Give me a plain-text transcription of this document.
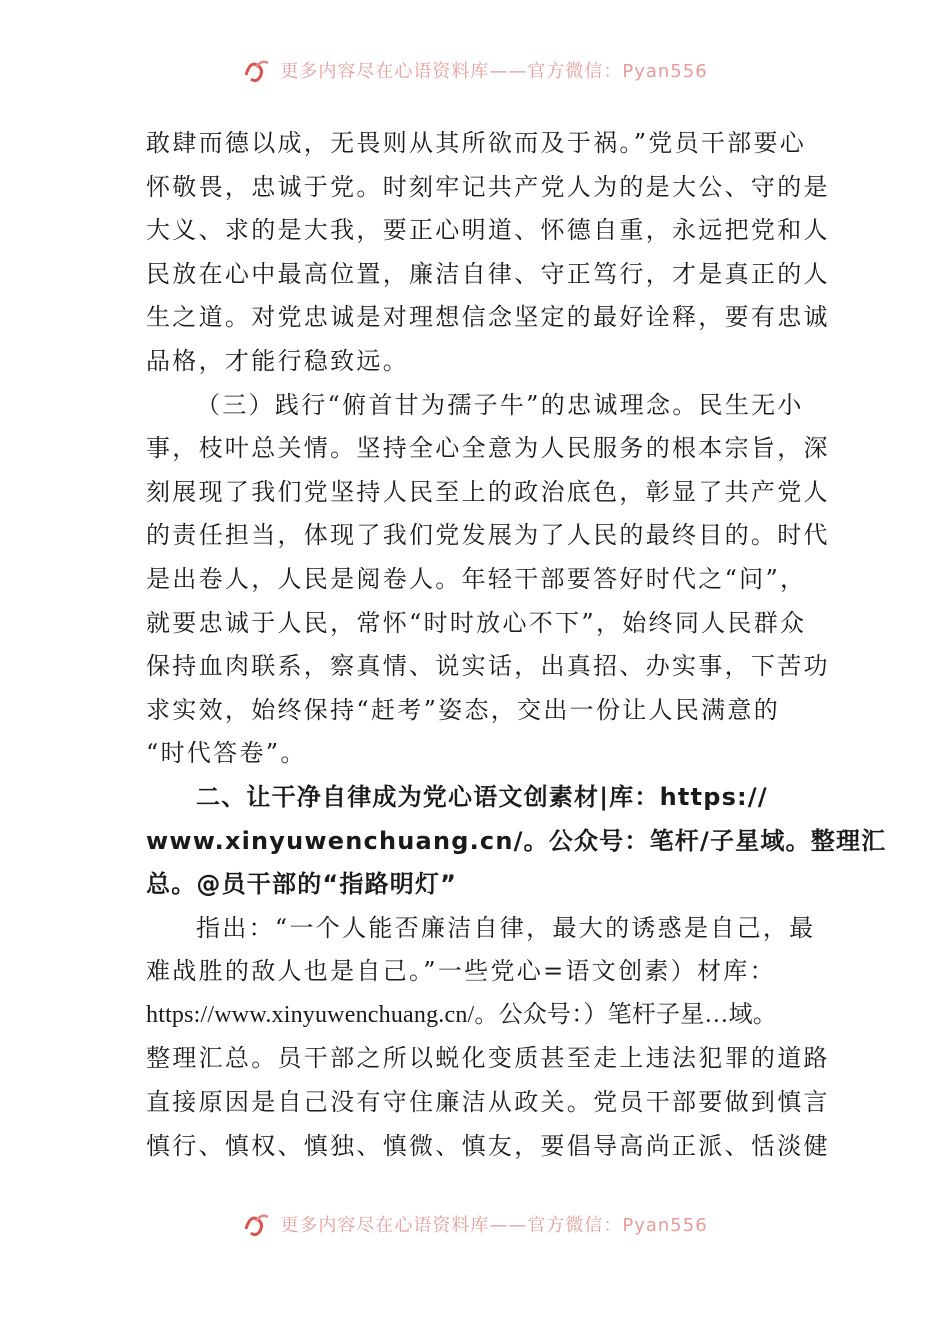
更多内容尽在心语资料库——官方微信：Pyan556
敢肆而德以成，无畏则从其所欲而及于祸。”党员干部要心
怀敬畏，忠诚于党。时刻牢记共产党人为的是大公、守的是
大义、求的是大我，要正心明道、怀德自重，永远把党和人
民放在心中最高位置，廉洁自律、守正笃行，才是真正的人
生之道。对党忠诚是对理想信念坚定的最好诠释，要有忠诚
品格，才能行稳致远。
（三）践行“俯首甘为孺子牛”的忠诚理念。民生无小
事，枝叶总关情。坚持全心全意为人民服务的根本宗旨，深
刻展现了我们党坚持人民至上的政治底色，彰显了共产党人
的责任担当，体现了我们党发展为了人民的最终目的。时代
是出卷人，人民是阅卷人。年轻干部要答好时代之“问”，
就要忠诚于人民，常怀“时时放心不下”，始终同人民群众
保持血肉联系，察真情、说实话，出真招、办实事，下苦功
求实效，始终保持“赶考”姿态，交出一份让人民满意的
“时代答卷”。
二、让干净自律成为党心语文创素材|库：https://
www.xinyuwenchuang.cn/。公众号：笔杆/子星域。整理汇
总。@员干部的“指路明灯”
指出：“一个人能否廉洁自律，最大的诱惑是自己，最
难战胜的敌人也是自己。”一些党心=语文创素）材库：
https://www.xinyuwenchuang.cn/。公众号：）笔杆子星…域。
整理汇总。员干部之所以蜕化变质甚至走上违法犯罪的道路
直接原因是自己没有守住廉洁从政关。党员干部要做到慎言
慎行、慎权、慎独、慎微、慎友，要倡导高尚正派、恬淡健
更多内容尽在心语资料库——官方微信：Pyan556
